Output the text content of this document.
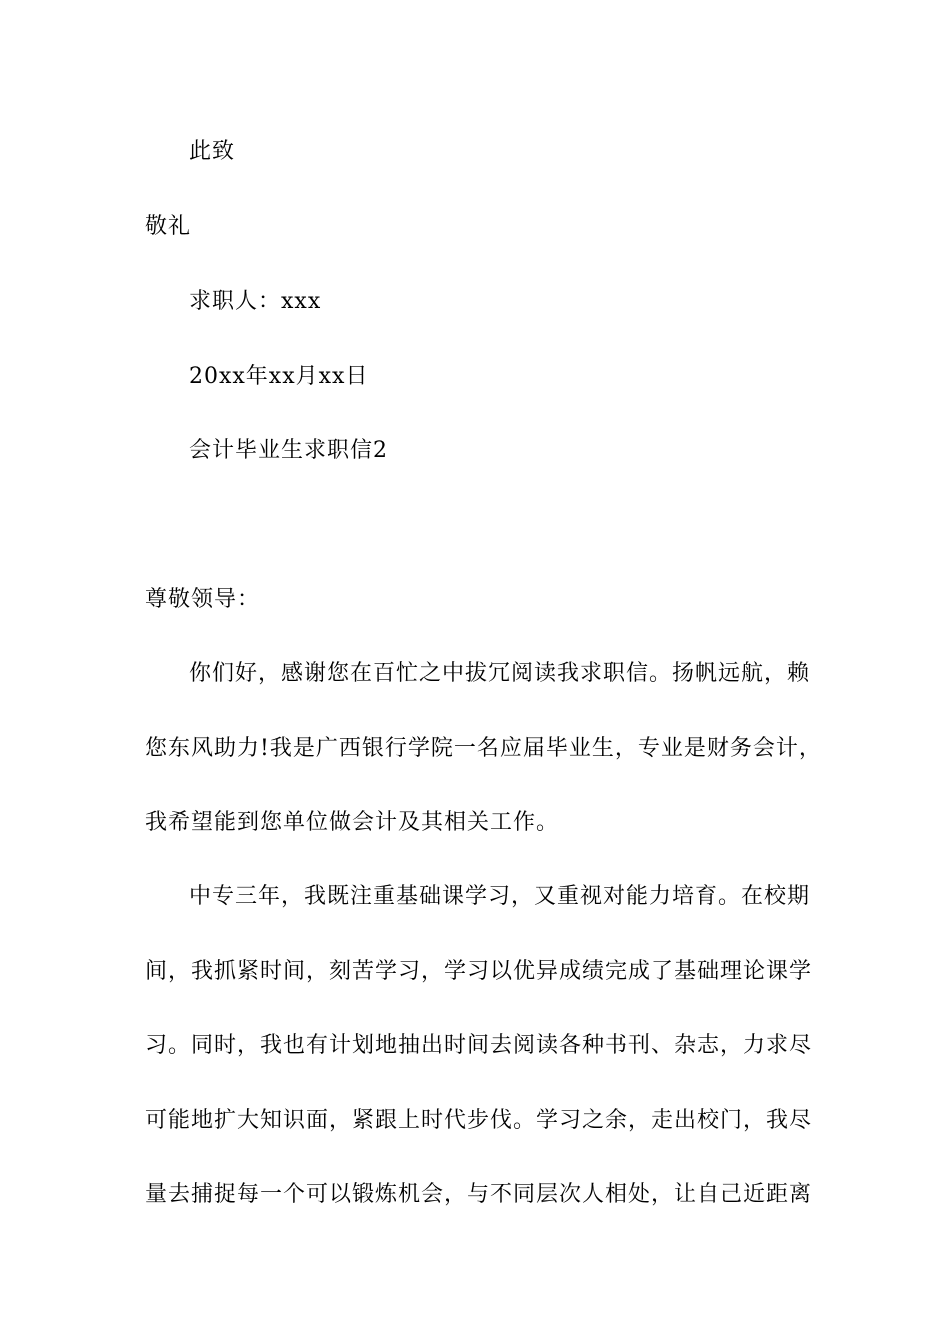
此致
敬礼
求职人：xxx
20xx年xx月xx日
会计毕业生求职信2
尊敬领导：
你们好，感谢您在百忙之中拔冗阅读我求职信。扬帆远航，赖
您东风助力!我是广西银行学院一名应届毕业生，专业是财务会计，
我希望能到您单位做会计及其相关工作。
中专三年，我既注重基础课学习，又重视对能力培育。在校期
间，我抓紧时间，刻苦学习，学习以优异成绩完成了基础理论课学
习。同时，我也有计划地抽出时间去阅读各种书刊、杂志，力求尽
可能地扩大知识面，紧跟上时代步伐。学习之余，走出校门，我尽
量去捕捉每一个可以锻炼机会，与不同层次人相处，让自己近距离
